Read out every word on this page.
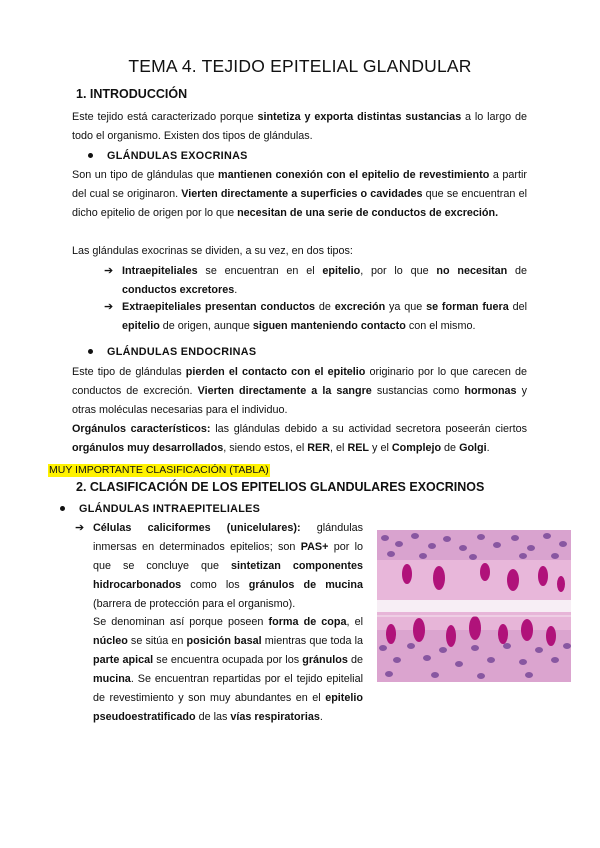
TEMA 4. TEJIDO EPITELIAL GLANDULAR
1. INTRODUCCIÓN

Este tejido está caracterizado porque sintetiza y exporta distintas sustancias a lo largo de todo el organismo. Existen dos tipos de glándulas.

GLÁNDULAS EXOCRINAS

Son un tipo de glándulas que mantienen conexión con el epitelio de revestimiento a partir del cual se originaron. Vierten directamente a superficies o cavidades que se encuentran el dicho epitelio de origen por lo que necesitan de una serie de conductos de excreción.

Las glándulas exocrinas se dividen, a su vez, en dos tipos:

➔ Intraepiteliales se encuentran en el epitelio, por lo que no necesitan de conductos excretores.
➔ Extraepiteliales presentan conductos de excreción ya que se forman fuera del epitelio de origen, aunque siguen manteniendo contacto con el mismo.
GLÁNDULAS ENDOCRINAS

Este tipo de glándulas pierden el contacto con el epitelio originario por lo que carecen de conductos de excreción. Vierten directamente a la sangre sustancias como hormonas y otras moléculas necesarias para el individuo.

Orgánulos característicos: las glándulas debido a su actividad secretora poseerán ciertos orgánulos muy desarrollados, siendo estos, el RER, el REL y el Complejo de Golgi.

MUY IMPORTANTE CLASIFICACIÓN (TABLA)
2. CLASIFICACIÓN DE LOS EPITELIOS GLANDULARES EXOCRINOS
GLÁNDULAS INTRAEPITELIALES
➔ Células caliciformes (unicelulares): glándulas inmersas en determinados epitelios; son PAS+ por lo que se concluye que sintetizan componentes hidrocarbonados como los gránulos de mucina (barrera de protección para el organismo).
Se denominan así porque poseen forma de copa, el núcleo se sitúa en posición basal mientras que toda la parte apical se encuentra ocupada por los gránulos de mucina. Se encuentran repartidas por el tejido epitelial de revestimiento y son muy abundantes en el epitelio pseudoestratificado de las vías respiratorias.
